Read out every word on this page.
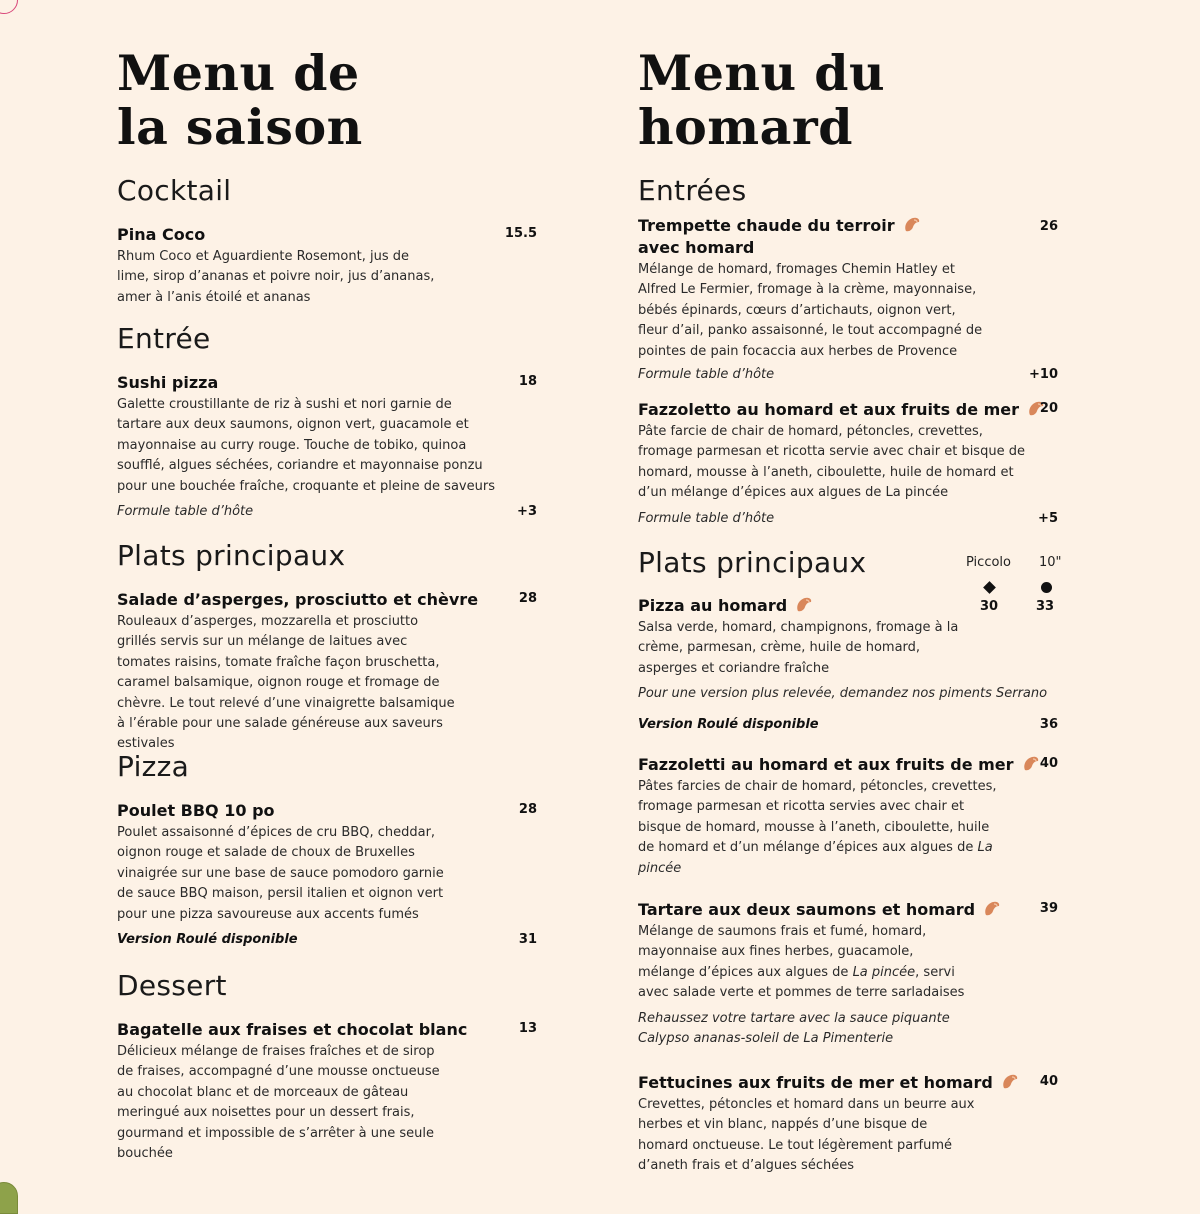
Menu de
la saison
Cocktail
Pina Coco	15.5
Rhum Coco et Aguardiente Rosemont, jus de lime, sirop d’ananas et poivre noir, jus d’ananas, amer à l’anis étoilé et ananas
Entrée
Sushi pizza	18
Galette croustillante de riz à sushi et nori garnie de tartare aux deux saumons, oignon vert, guacamole et mayonnaise au curry rouge. Touche de tobiko, quinoa soufflé, algues séchées, coriandre et mayonnaise ponzu pour une bouchée fraîche, croquante et pleine de saveurs
Formule table d’hôte	+3
Plats principaux
Salade d’asperges, prosciutto et chèvre	28
Rouleaux d’asperges, mozzarella et prosciutto grillés servis sur un mélange de laitues avec tomates raisins, tomate fraîche façon bruschetta, caramel balsamique, oignon rouge et fromage de chèvre. Le tout relevé d’une vinaigrette balsamique à l’érable pour une salade généreuse aux saveurs estivales
Pizza
Poulet BBQ 10 po	28
Poulet assaisonné d’épices de cru BBQ, cheddar, oignon rouge et salade de choux de Bruxelles vinaigrée sur une base de sauce pomodoro garnie de sauce BBQ maison, persil italien et oignon vert pour une pizza savoureuse aux accents fumés
Version Roulé disponible	31
Dessert
Bagatelle aux fraises et chocolat blanc	13
Délicieux mélange de fraises fraîches et de sirop de fraises, accompagné d’une mousse onctueuse au chocolat blanc et de morceaux de gâteau meringué aux noisettes pour un dessert frais, gourmand et impossible de s’arrêter à une seule bouchée
Menu du
homard
Entrées
Trempette chaude du terroir
avec homard
26
Mélange de homard, fromages Chemin Hatley et Alfred Le Fermier, fromage à la crème, mayonnaise, bébés épinards, cœurs d’artichauts, oignon vert, fleur d’ail, panko assaisonné, le tout accompagné de pointes de pain focaccia aux herbes de Provence
Formule table d’hôte	+10
Fazzoletto au homard et aux fruits de mer	20
Pâte farcie de chair de homard, pétoncles, crevettes, fromage parmesan et ricotta servie avec chair et bisque de homard, mousse à l’aneth, ciboulette, huile de homard et d’un mélange d’épices aux algues de La pincée
Formule table d’hôte	+5
Plats principaux	Piccolo 10"
Pizza au homard	30	33
Salsa verde, homard, champignons, fromage à la crème, parmesan, crème, huile de homard, asperges et coriandre fraîche
Pour une version plus relevée, demandez nos piments Serrano
Version Roulé disponible	36
Fazzoletti au homard et aux fruits de mer	40
Pâtes farcies de chair de homard, pétoncles, crevettes, fromage parmesan et ricotta servies avec chair et bisque de homard, mousse à l’aneth, ciboulette, huile de homard et d’un mélange d’épices aux algues de La pincée
Tartare aux deux saumons et homard	39
Mélange de saumons frais et fumé, homard, mayonnaise aux fines herbes, guacamole, mélange d’épices aux algues de La pincée, servi avec salade verte et pommes de terre sarladaises
Rehaussez votre tartare avec la sauce piquante
Calypso ananas-soleil de La Pimenterie
Fettucines aux fruits de mer et homard	40
Crevettes, pétoncles et homard dans un beurre aux herbes et vin blanc, nappés d’une bisque de homard onctueuse. Le tout légèrement parfumé d’aneth frais et d’algues séchées
